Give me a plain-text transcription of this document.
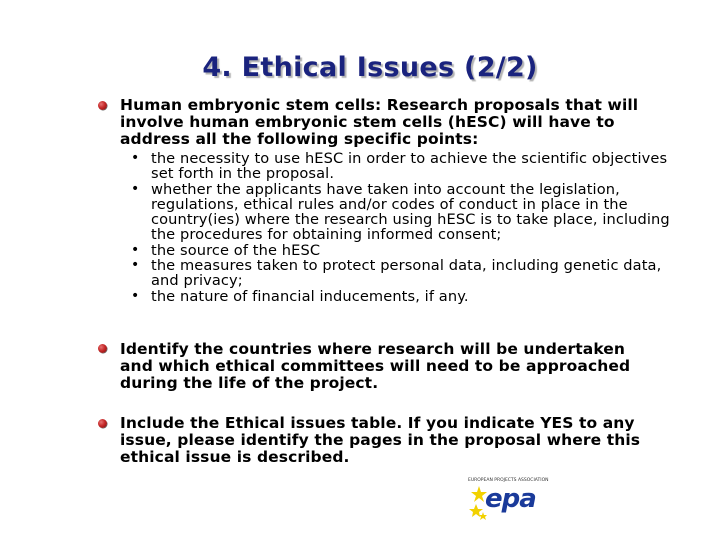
4. Ethical Issues (2/2)
Human embryonic stem cells: Research proposals that will involve human embryonic stem cells (hESC) will have to address all the following specific points:
• the necessity to use hESC in order to achieve the scientific objectives set forth in the proposal.
• whether the applicants have taken into account the legislation, regulations, ethical rules and/or codes of conduct in place in the country(ies) where the research using hESC is to take place, including the procedures for obtaining informed consent;
• the source of the hESC
• the measures taken to protect personal data, including genetic data, and privacy;
• the nature of financial inducements, if any.
Identify the countries where research will be undertaken and which ethical committees will need to be approached during the life of the project.
Include the Ethical issues table. If you indicate YES to any issue, please identify the pages in the proposal where this ethical issue is described.
EUROPEAN PROJECTS ASSOCIATION
epa
